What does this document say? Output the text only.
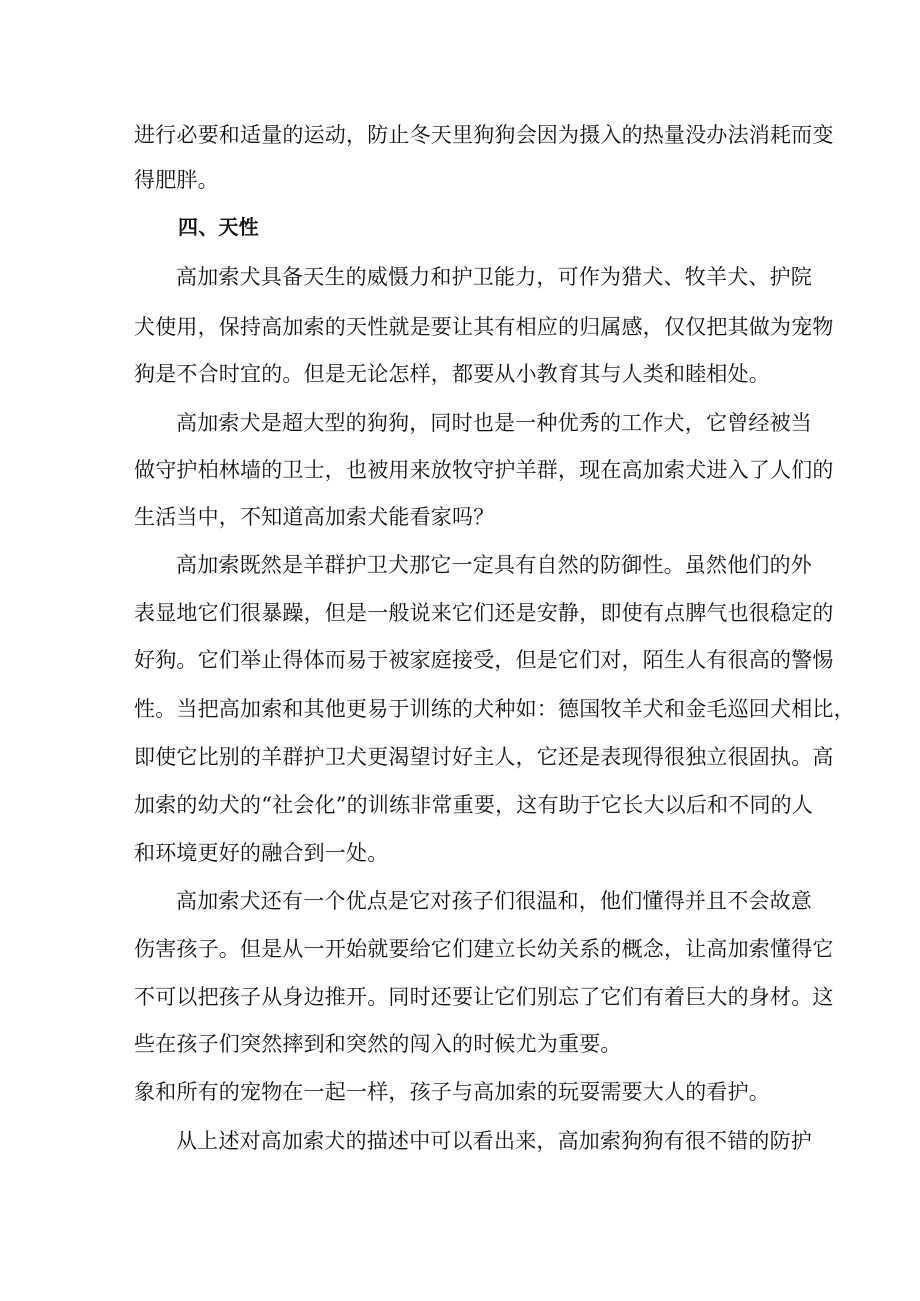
进行必要和适量的运动，防止冬天里狗狗会因为摄入的热量没办法消耗而变
得肥胖。
四、天性
高加索犬具备天生的威慑力和护卫能力，可作为猎犬、牧羊犬、护院
犬使用，保持高加索的天性就是要让其有相应的归属感，仅仅把其做为宠物
狗是不合时宜的。但是无论怎样，都要从小教育其与人类和睦相处。
高加索犬是超大型的狗狗，同时也是一种优秀的工作犬，它曾经被当
做守护柏林墙的卫士，也被用来放牧守护羊群，现在高加索犬进入了人们的
生活当中，不知道高加索犬能看家吗？
高加索既然是羊群护卫犬那它一定具有自然的防御性。虽然他们的外
表显地它们很暴躁，但是一般说来它们还是安静，即使有点脾气也很稳定的
好狗。它们举止得体而易于被家庭接受，但是它们对，陌生人有很高的警惕
性。当把高加索和其他更易于训练的犬种如：德国牧羊犬和金毛巡回犬相比，
即使它比别的羊群护卫犬更渴望讨好主人，它还是表现得很独立很固执。高
加索的幼犬的“社会化”的训练非常重要，这有助于它长大以后和不同的人
和环境更好的融合到一处。
高加索犬还有一个优点是它对孩子们很温和，他们懂得并且不会故意
伤害孩子。但是从一开始就要给它们建立长幼关系的概念，让高加索懂得它
不可以把孩子从身边推开。同时还要让它们别忘了它们有着巨大的身材。这
些在孩子们突然摔到和突然的闯入的时候尤为重要。
象和所有的宠物在一起一样，孩子与高加索的玩耍需要大人的看护。
从上述对高加索犬的描述中可以看出来，高加索狗狗有很不错的防护
